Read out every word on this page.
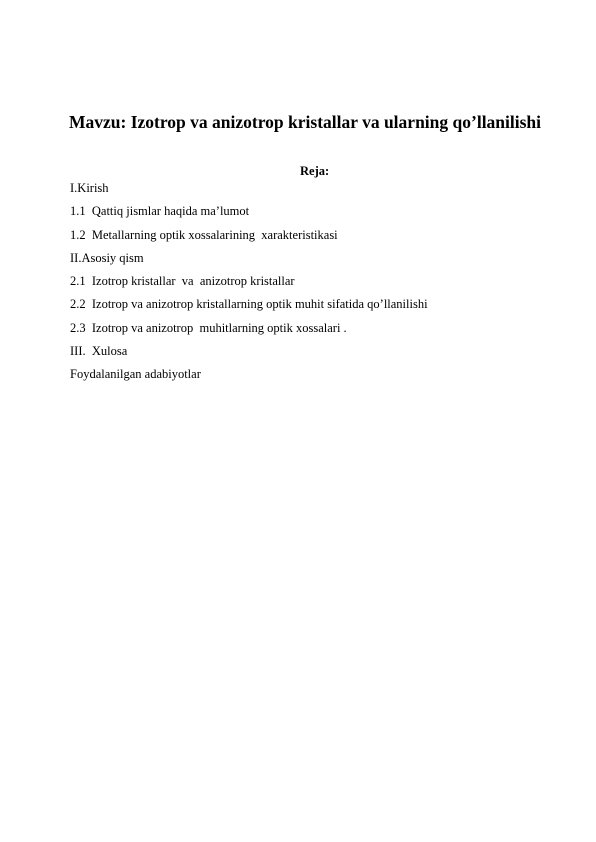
Mavzu: Izotrop va anizotrop kristallar va ularning qo’llanilishi
Reja:
I.Kirish
1.1  Qattiq jismlar haqida ma’lumot
1.2  Metallarning optik xossalarining  xarakteristikasi
II.Asosiy qism
2.1  Izotrop kristallar  va  anizotrop kristallar
2.2  Izotrop va anizotrop kristallarning optik muhit sifatida qo’llanilishi
2.3  Izotrop va anizotrop  muhitlarning optik xossalari .
III.  Xulosa
Foydalanilgan adabiyotlar
